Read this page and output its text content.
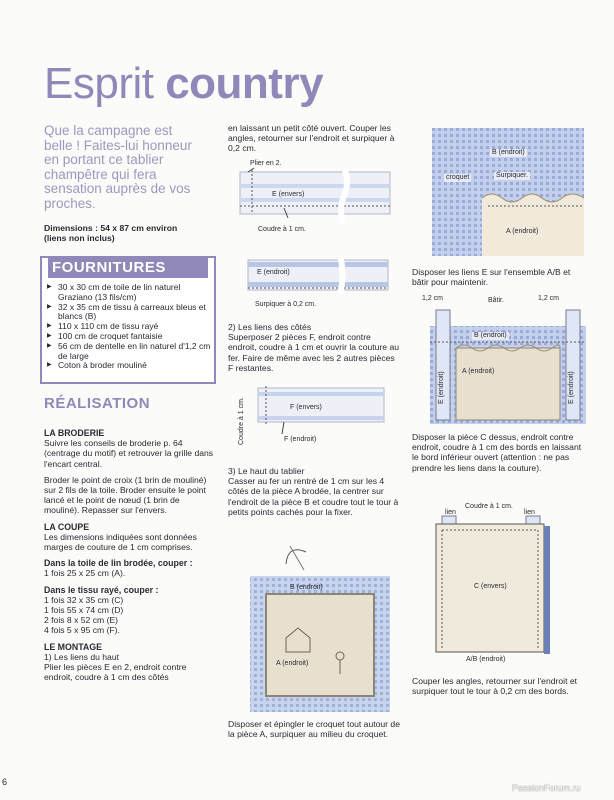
Esprit country
Que la campagne est belle ! Faites-lui honneur en portant ce tablier champêtre qui fera sensation auprès de vos proches.
Dimensions : 54 x 87 cm environ
(liens non inclus)
FOURNITURES
▶ 30 x 30 cm de toile de lin naturel Graziano (13 fils/cm)
▶ 32 x 35 cm de tissu à carreaux bleus et blancs (B)
▶ 110 x 110 cm de tissu rayé
▶ 100 cm de croquet fantaisie
▶ 56 cm de dentelle en lin naturel d'1,2 cm de large
▶ Coton à broder mouliné
RÉALISATION
LA BRODERIE

Suivre les conseils de broderie p. 64 (centrage du motif) et retrouver la grille dans l'encart central.

Broder le point de croix (1 brin de mouliné) sur 2 fils de la toile. Broder ensuite le point lancé et le point de nœud (1 brin de mouliné). Repasser sur l'envers.

LA COUPE

Les dimensions indiquées sont données marges de couture de 1 cm comprises.

Dans la toile de lin brodée, couper :

1 fois 25 x 25 cm (A).

Dans le tissu rayé, couper :
1 fois 32 x 35 cm (C)
1 fois 55 x 74 cm (D)
2 fois 8 x 52 cm (E)

4 fois 5 x 95 cm (F).

LE MONTAGE
1) Les liens du haut

Plier les pièces E en 2, endroit contre endroit, coudre à 1 cm des côtés

en laissant un petit côté ouvert. Couper les angles, retourner sur l'endroit et surpiquer à 0,2 cm.
2) Les liens des côtés
Superposer 2 pièces F, endroit contre endroit, coudre à 1 cm et ouvrir la couture au fer. Faire de même avec les 2 autres pièces F restantes.
3) Le haut du tablier
Casser au fer un rentré de 1 cm sur les 4 côtés de la pièce A brodée, la centrer sur l'endroit de la pièce B et coudre tout le tour à petits points cachés pour la fixer.
Disposer et épingler le croquet tout autour de la pièce A, surpiquer au milieu du croquet.
Disposer les liens E sur l'ensemble A/B et bâtir pour maintenir.
Disposer la pièce C dessus, endroit contre endroit, coudre à 1 cm des bords en laissant le bord inférieur ouvert (attention : ne pas prendre les liens dans la couture).
Couper les angles, retourner sur l'endroit et surpiquer tout le tour à 0,2 cm des bords.
Plier en 2.
E (envers)
Coudre à 1 cm.
E (endroit)
Surpiquer à 0,2 cm.
Coudre à 1 cm.	F (envers)
F (endroit)
B (endroit)
A (endroit)
B (endroit)
croquet	Surpiquer.
A (endroit)
1,2 cm	Bâtir.	1,2 cm
B (endroit)
A (endroit)
E (endroit)	E (endroit)
lien	lien
Coudre à 1 cm.
C (envers)
A/B (endroit)
6
PassionForum.ru
